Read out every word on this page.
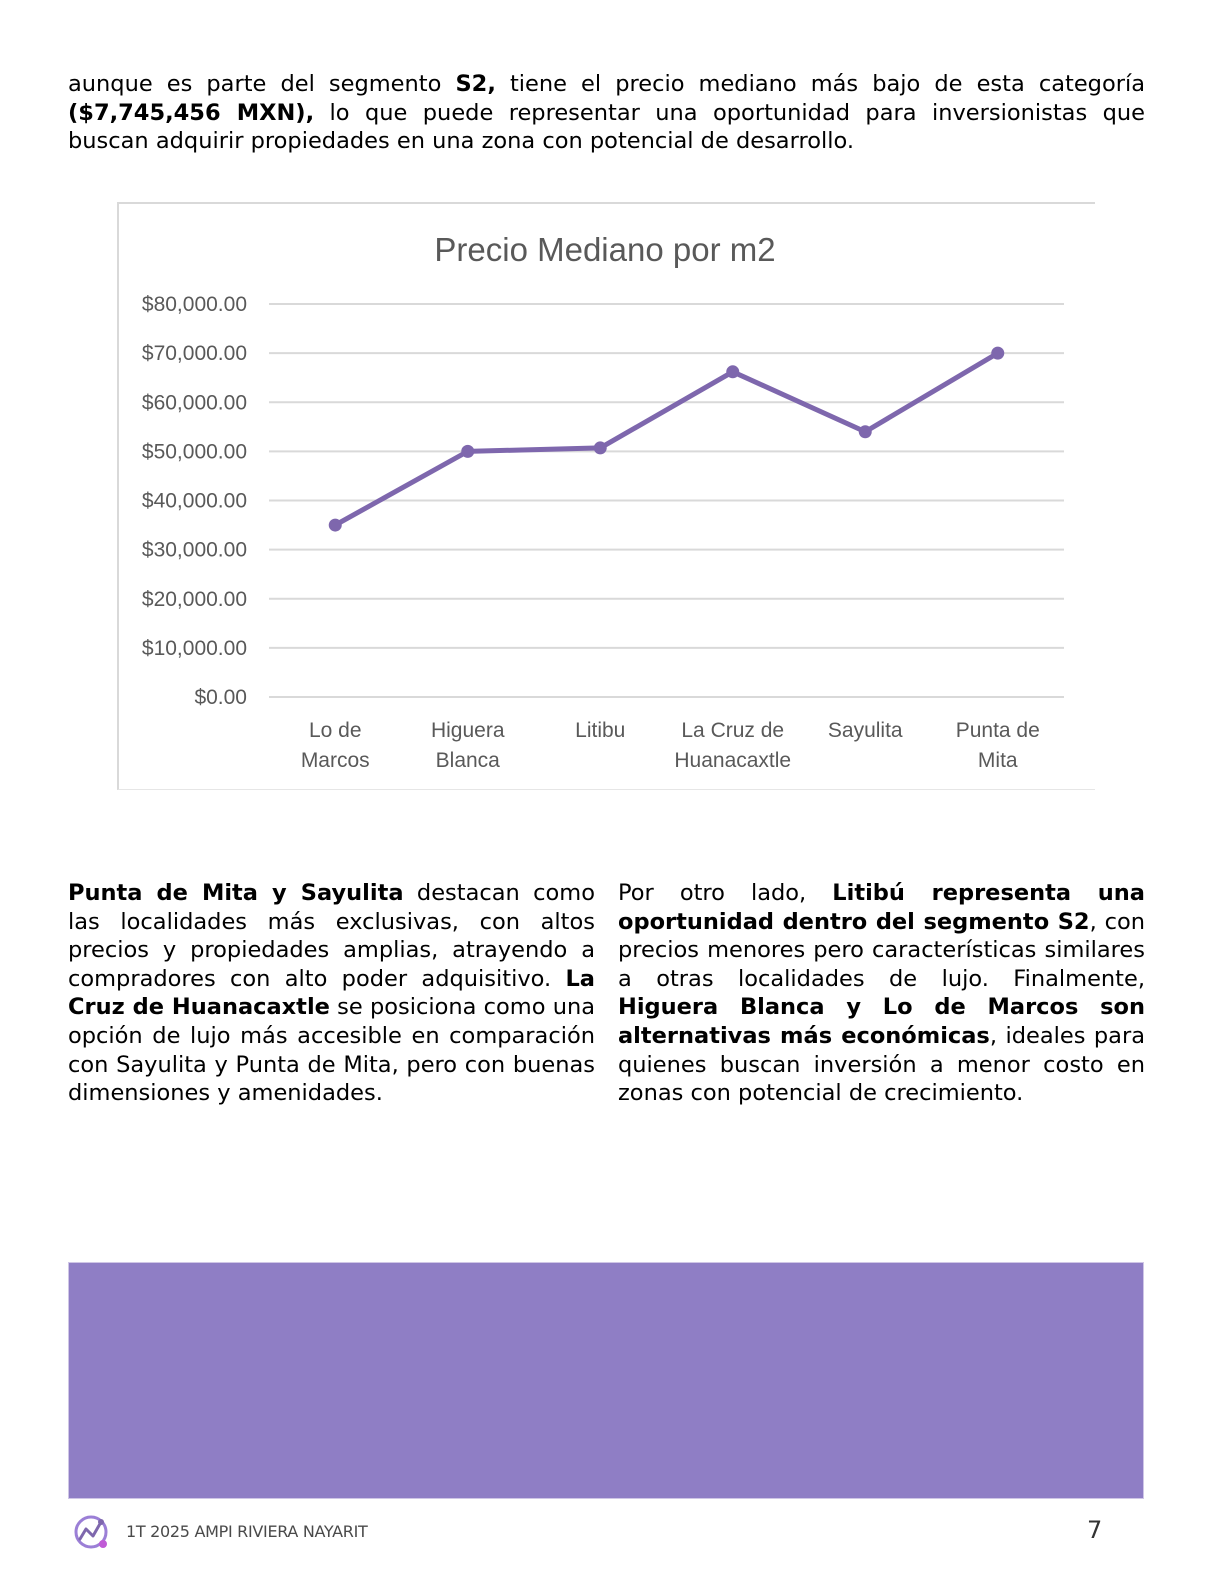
aunque es parte del segmento S2, tiene el precio mediano más bajo de esta categoría ($7,745,456 MXN), lo que puede representar una oportunidad para inversionistas que buscan adquirir propiedades en una zona con potencial de desarrollo.

Precio Mediano por m2
$0.00
$10,000.00
$20,000.00
$30,000.00
$40,000.00
$50,000.00
$60,000.00
$70,000.00
$80,000.00
Lo de Marcos
Higuera Blanca
Litibu	La Cruz de Huanacaxtle
Sayulita	Punta de Mita

Punta de Mita y Sayulita destacan como las localidades más exclusivas, con altos precios y propiedades amplias, atrayendo a compradores con alto poder adquisitivo. La Cruz de Huanacaxtle se posiciona como una opción de lujo más accesible en comparación con Sayulita y Punta de Mita, pero con buenas dimensiones y amenidades.

Por otro lado, Litibú representa una oportunidad dentro del segmento S2, con precios menores pero características similares a otras localidades de lujo. Finalmente, Higuera Blanca y Lo de Marcos son alternativas más económicas, ideales para quienes buscan inversión a menor costo en zonas con potencial de crecimiento.

1T 2025 AMPI RIVIERA NAYARIT	7
